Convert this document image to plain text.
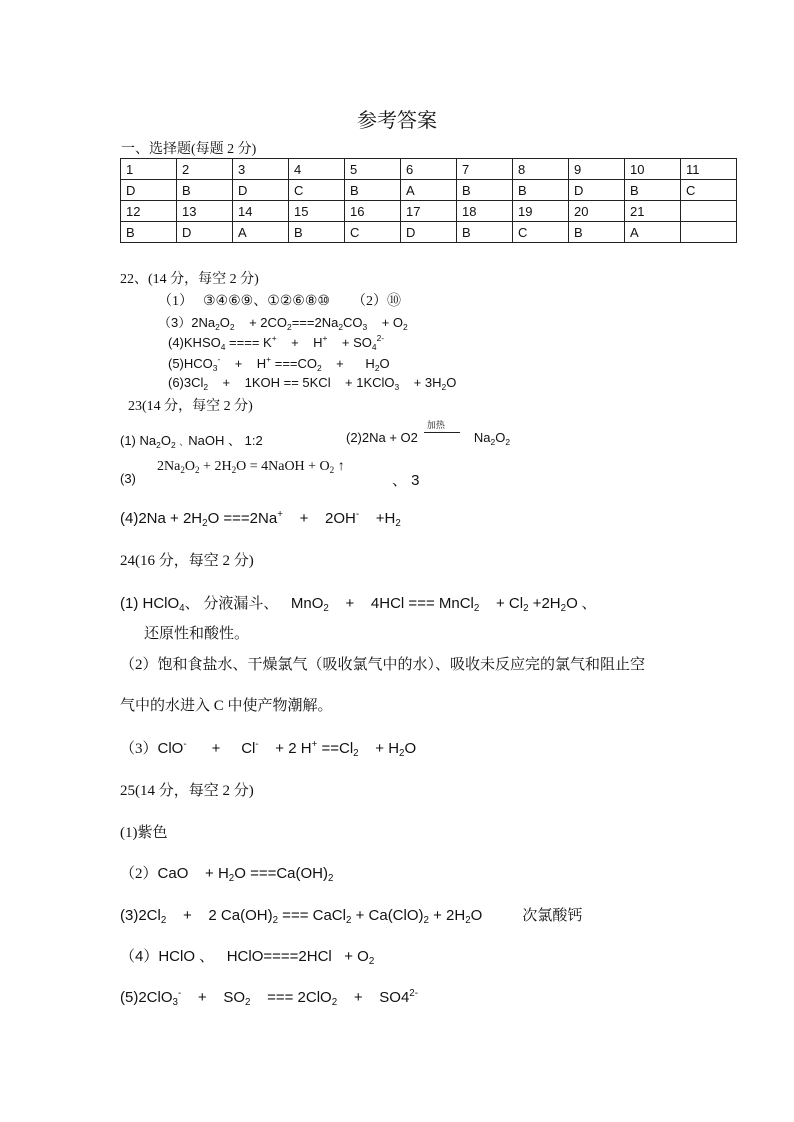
参考答案
一、选择题(每题 2 分)
1	2	3	4	5	6	7	8	9	10	11
D	B	D	C	B	A	B	B	D	B	C
12	13	14	15	16	17	18	19	20	21	
B	D	A	B	C	D	B	C	B	A	
22、(14 分，每空 2 分)
（1） ③④⑥⑨、①②⑥⑧⑩ （2）⑩
$(3)2Na_2O_2$    + $2CO_2===2Na_2CO_3$    + $O_2$
$(4)KHSO_4$ ==== K+    +    H+    + $SO_4^{2-}$
$(5)HCO_3^-$    +    $H^+ ===CO_2$    +      $H_2O$
$(6)3Cl_2$    +    1KOH == 5KCl    + 1KClO$_3$    + $3H_2O$
23(14 分，每空 2 分)
(1) $Na_2O_2$ 、NaOH 、 1:2	(2)2Na + O2
加热
$Na_2O_2$
(3)
$2Na_2O_2 + 2H_2O$ = 4NaOH + $O_2$ ↑
、 3
$(4)2Na + 2H_2O ===2Na^+$    +    2OH-    $+H_2$
24(16 分，每空 2 分)
(1) HClO$_4$、 分液漏斗、   MnO$_2$    +    4HCl === MnCl$_2$    + $Cl_2 +2H_2O$ 、
还原性和酸性。
（2）饱和食盐水、干燥氯气（吸收氯气中的水）、吸收未反应完的氯气和阻止空
气中的水进入 C 中使产物潮解。
（3）ClO-      +     Cl-    + 2 $H^+ ==Cl_2$    + $H_2O$
25(14 分，每空 2 分)
(1)紫色
（2）CaO    + $H_2O ===Ca(OH)_2$
$(3)2Cl_2$    +    2 $Ca(OH)_2$ === CaCl$_2$ + $Ca(ClO)_2 + 2H_2O$	次氯酸钙
（4）HClO 、   HClO====2HCl   + $O_2$
(5)2ClO$_3$-    +    $SO_2$    === 2ClO$_2$    +    $SO4^{2-}$
